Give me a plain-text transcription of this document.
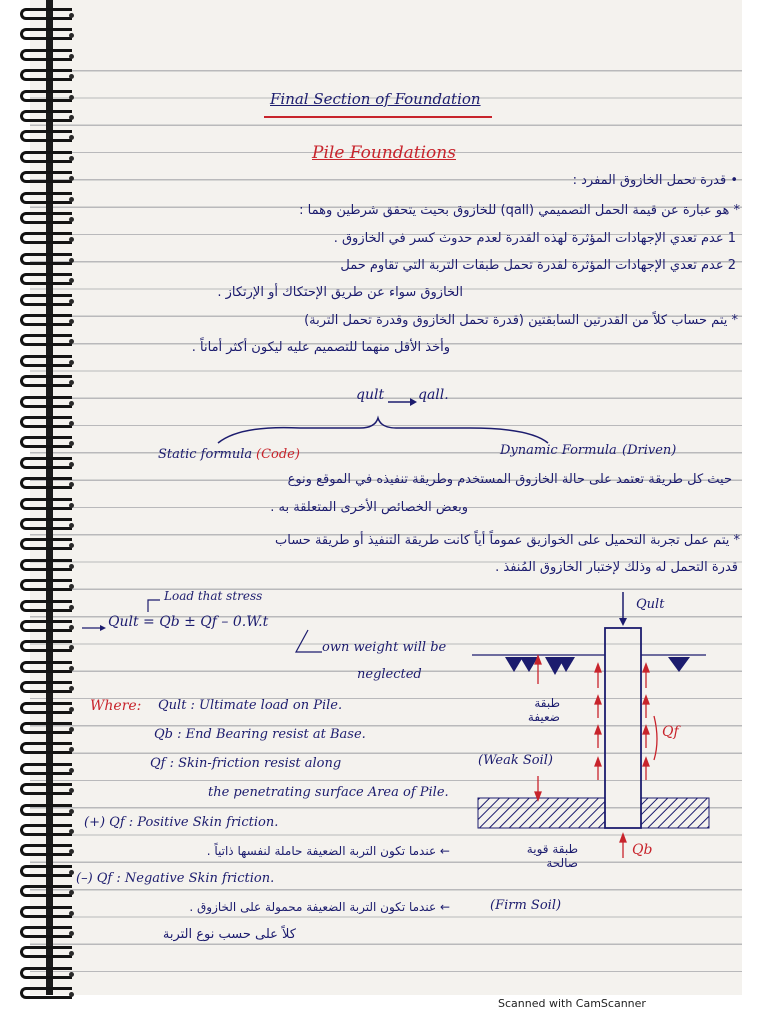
Final Section of Foundation
Pile Foundations
• قدرة تحمل الخازوق المفرد :
* هو عبارة عن قيمة الحمل التصميمي (qall) للخازوق بحيث يتحقق شرطين وهما :
1 عدم تعدي الإجهادات المؤثرة لهذه القدرة لعدم حدوث كسر في الخازوق .
2 عدم تعدي الإجهادات المؤثرة لقدرة تحمل طبقات التربة التي تقاوم حمل
الخازوق سواء عن طريق الإحتكاك أو الإرتكاز .
* يتم حساب كلاً من القدرتين السابقتين (قدرة تحمل الخازوق وقدرة تحمل التربة)
وأخذ الأقل منهما للتصميم عليه ليكون أكثر أماناً .
qult qall.
Static formula (Code)	Dynamic Formula (Driven)
حيث كل طريقة تعتمد على حالة الخازوق المستخدم وطريقة تنفيذه في الموقع ونوع
وبعض الخصائص الأخرى المتعلقة به .
* يتم عمل تجربة التحميل على الخوازيق عموماً أياً كانت طريقة التنفيذ أو طريقة حساب
قدرة التحمل له وذلك لإختبار الخازوق المُنفذ .
Load that stress
Qult = Qb ± Qf – 0.W.t
own weight will be
neglected
Where: Qult : Ultimate load on Pile.
Qb : End Bearing resist at Base.
Qf : Skin-friction resist along
the penetrating surface Area of Pile.
(+) Qf : Positive Skin friction.
← عندما تكون التربة الضعيفة حاملة لنفسها ذاتياً .
(–) Qf : Negative Skin friction.
← عندما تكون التربة الضعيفة محمولة على الخازوق .
كلاً على حسب نوع التربة
Qult
Qf
Qb
طبقة ضعيفة
(Weak Soil)
طبقة قوية صالحة
(Firm Soil)
Scanned with CamScanner
